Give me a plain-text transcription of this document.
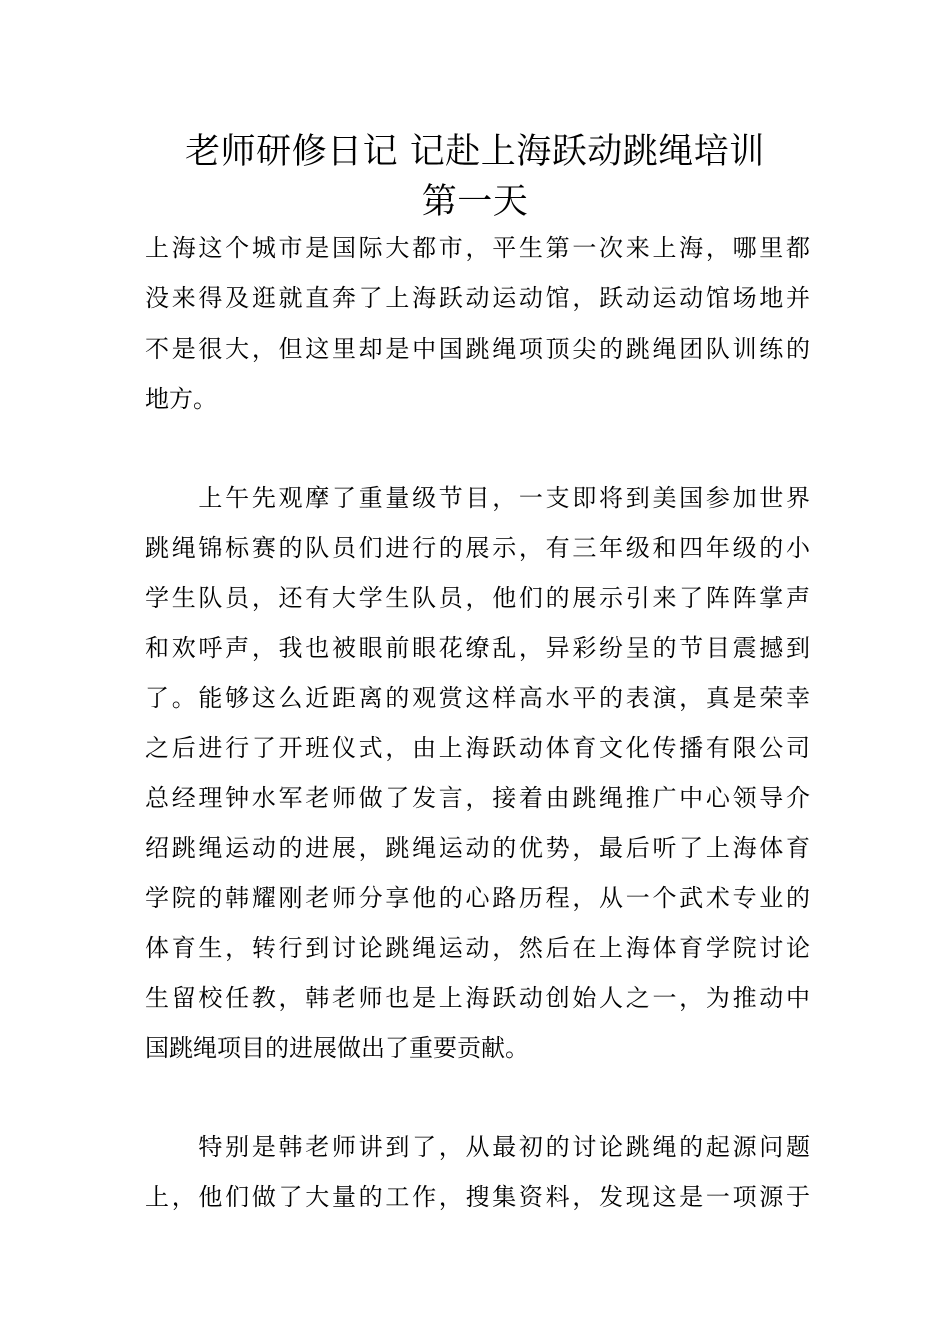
老师研修日记 记赴上海跃动跳绳培训
第一天
上海这个城市是国际大都市，平生第一次来上海，哪里都
没来得及逛就直奔了上海跃动运动馆，跃动运动馆场地并
不是很大，但这里却是中国跳绳项顶尖的跳绳团队训练的
地方。
　　上午先观摩了重量级节目，一支即将到美国参加世界
跳绳锦标赛的队员们进行的展示，有三年级和四年级的小
学生队员，还有大学生队员，他们的展示引来了阵阵掌声
和欢呼声，我也被眼前眼花缭乱，异彩纷呈的节目震撼到
了。能够这么近距离的观赏这样高水平的表演，真是荣幸
之后进行了开班仪式，由上海跃动体育文化传播有限公司
总经理钟水军老师做了发言，接着由跳绳推广中心领导介
绍跳绳运动的进展，跳绳运动的优势，最后听了上海体育
学院的韩耀刚老师分享他的心路历程，从一个武术专业的
体育生，转行到讨论跳绳运动，然后在上海体育学院讨论
生留校任教，韩老师也是上海跃动创始人之一，为推动中
国跳绳项目的进展做出了重要贡献。
　　特别是韩老师讲到了，从最初的讨论跳绳的起源问题
上，他们做了大量的工作，搜集资料，发现这是一项源于
